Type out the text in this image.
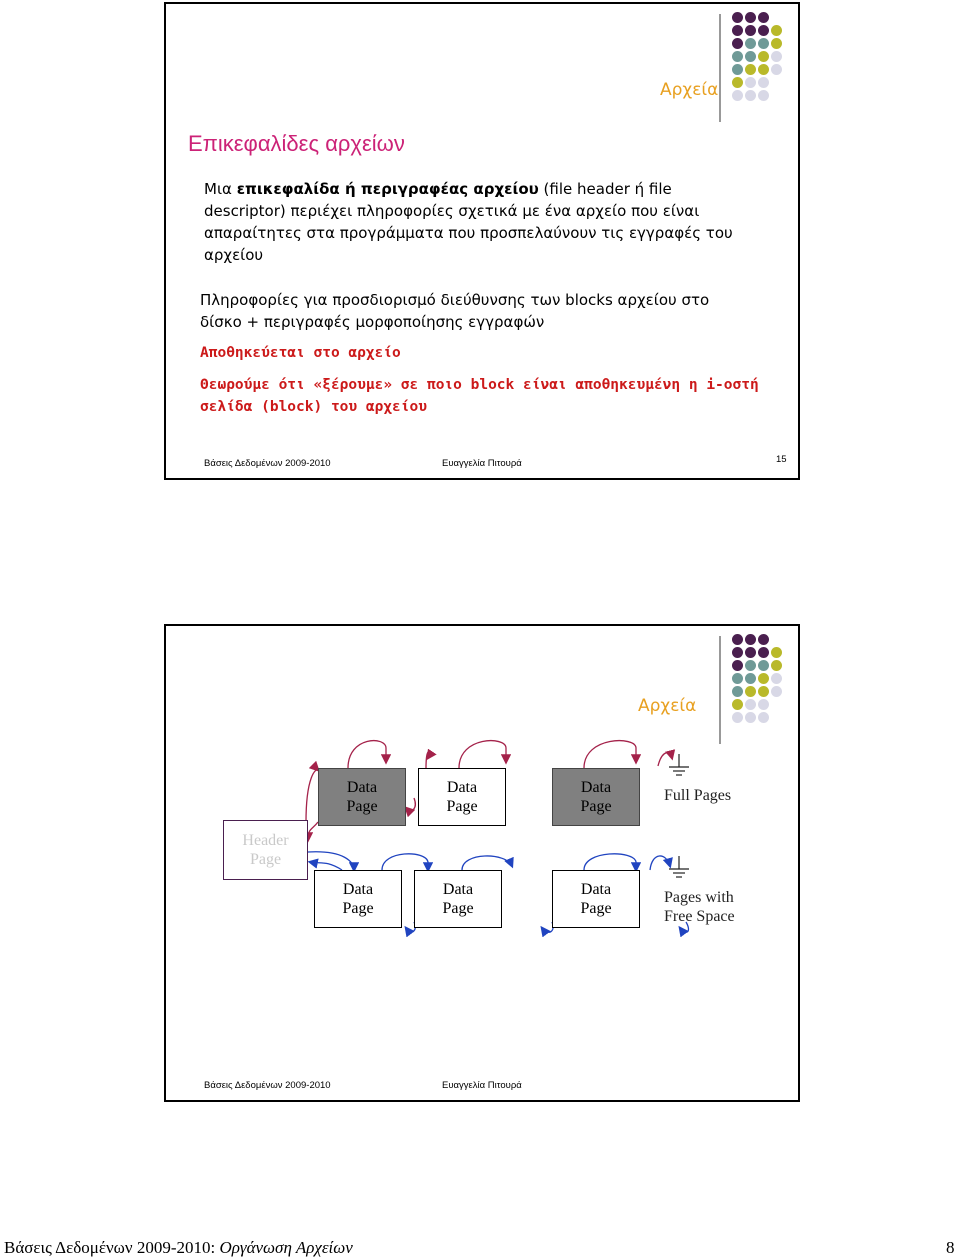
Αρχεία
Επικεφαλίδες αρχείων
Μια επικεφαλίδα ή περιγραφέας αρχείου (file header ή file
descriptor) περιέχει πληροφορίες σχετικά με ένα αρχείο που είναι
απαραίτητες στα προγράμματα που προσπελαύνουν τις εγγραφές του
αρχείου
Πληροφορίες για προσδιορισμό διεύθυνσης των blocks αρχείου στο
δίσκο + περιγραφές μορφοποίησης εγγραφών
Αποθηκεύεται στο αρχείο
Θεωρούμε ότι «ξέρουμε» σε ποιο block είναι αποθηκευμένη η i-οστή
σελίδα (block) του αρχείου
Βάσεις Δεδομένων 2009-2010	Ευαγγελία Πιτουρά	15
Αρχεία
Header
Page
Data
Page
Data
Page
Data
Page
Data
Page
Data
Page
Data
Page
Full Pages
Pages with
Free Space
Βάσεις Δεδομένων 2009-2010	Ευαγγελία Πιτουρά
Βάσεις Δεδομένων 2009-2010: Οργάνωση Αρχείων	8
